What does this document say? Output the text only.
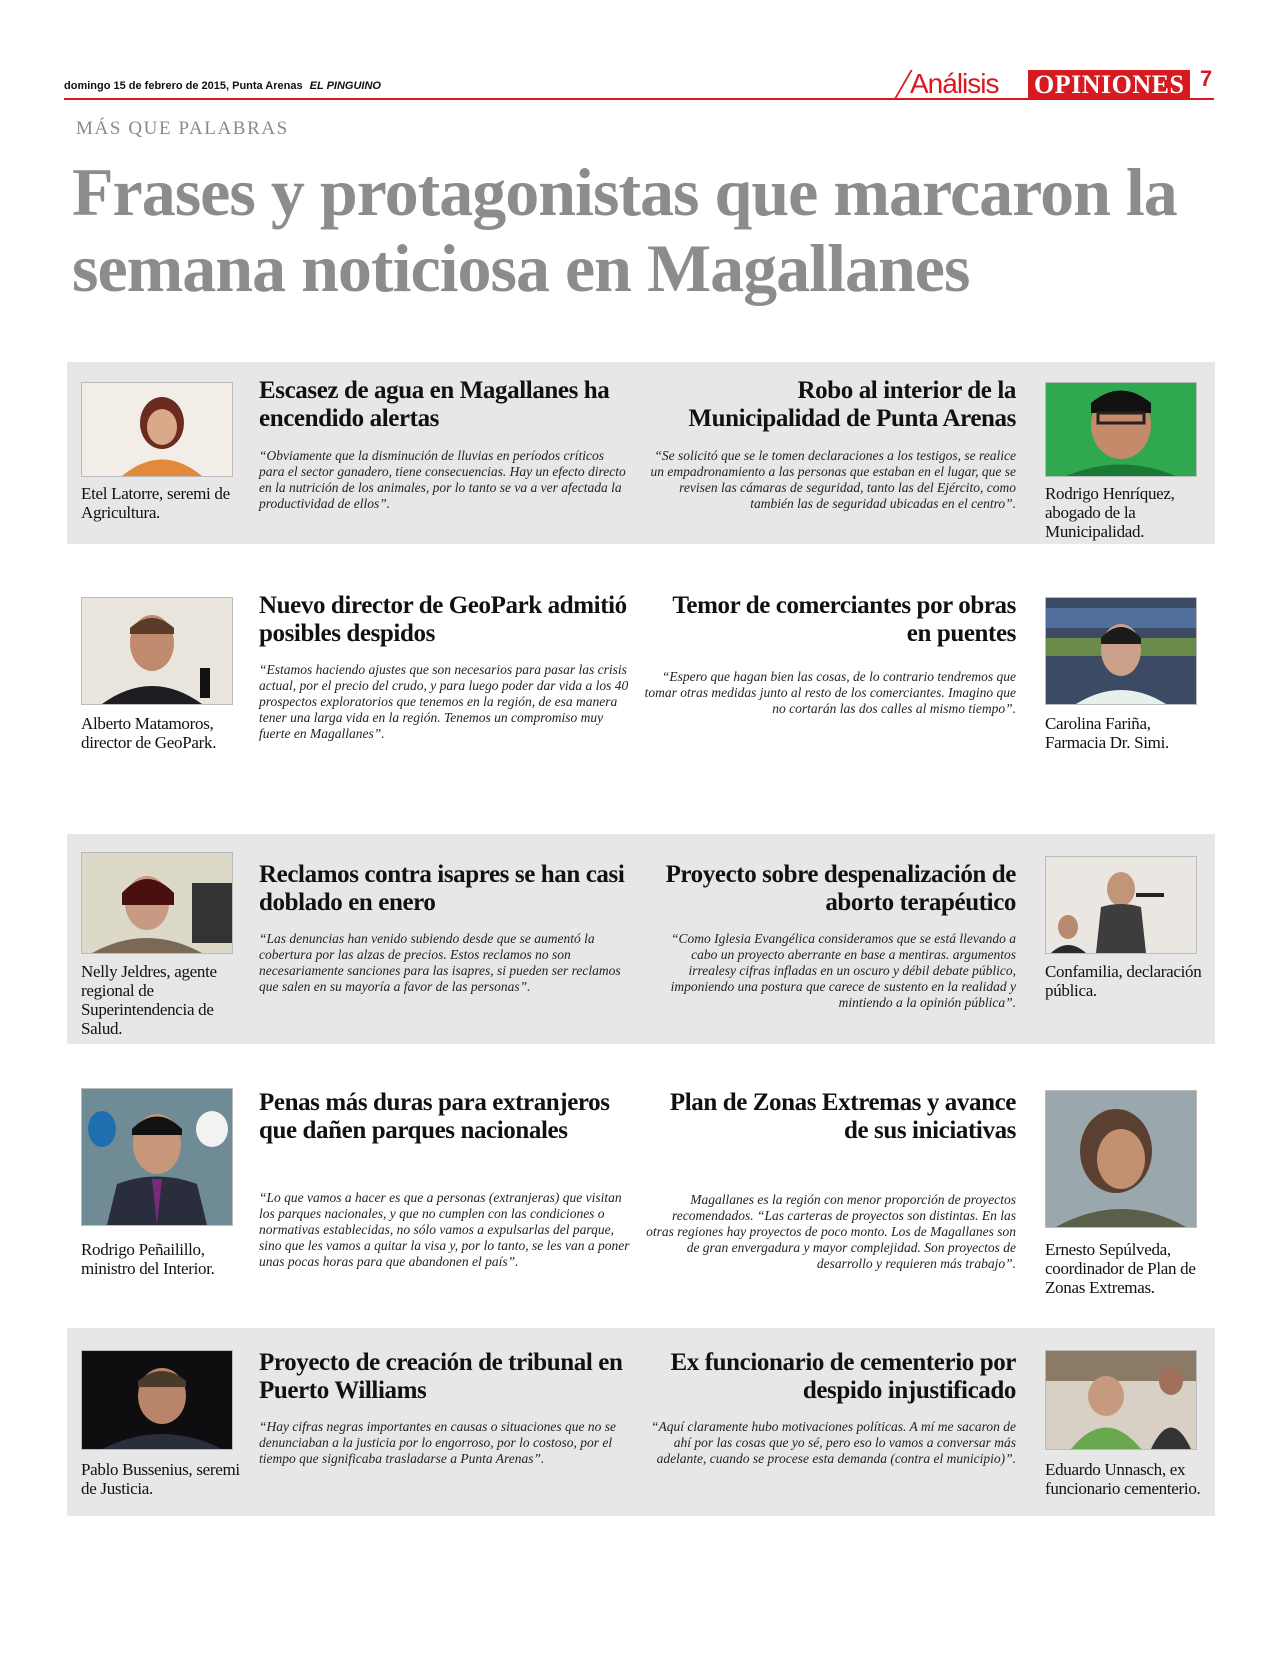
domingo 15 de febrero de 2015, Punta Arenas EL PINGUINO	Análisis OPINIONES 7
MÁS QUE PALABRAS
Frases y protagonistas que marcaron la semana noticiosa en Magallanes
Etel Latorre, seremi de Agricultura.
Escasez de agua en Magallanes ha encendido alertas

“Obviamente que la disminución de lluvias en períodos críticos para el sector ganadero, tiene consecuencias. Hay un efecto directo en la nutrición de los animales, por lo tanto se va a ver afectada la productividad de ellos”.

Robo al interior de la Municipalidad de Punta Arenas

“Se solicitó que se le tomen declaraciones a los testigos, se realice un empadronamiento a las personas que estaban en el lugar, que se revisen las cámaras de seguridad, tanto las del Ejército, como también las de seguridad ubicadas en el centro”.

Rodrigo Henríquez, abogado de la Municipalidad.
Alberto Matamoros, director de GeoPark.
Nuevo director de GeoPark admitió posibles despidos

“Estamos haciendo ajustes que son necesarios para pasar las crisis actual, por el precio del crudo, y para luego poder dar vida a los 40 prospectos exploratorios que tenemos en la región, de esa manera tener una larga vida en la región. Tenemos un compromiso muy fuerte en Magallanes”.

Temor de comerciantes por obras en puentes

“Espero que hagan bien las cosas, de lo contrario tendremos que tomar otras medidas junto al resto de los comerciantes. Imagino que no cortarán las dos calles al mismo tiempo”.

Carolina Fariña, Farmacia Dr. Simi.
Nelly Jeldres, agente regional de Superintendencia de Salud.
Reclamos contra isapres se han casi doblado en enero

“Las denuncias han venido subiendo desde que se aumentó la cobertura por las alzas de precios. Estos reclamos no son necesariamente sanciones para las isapres, si pueden ser reclamos que salen en su mayoría a favor de las personas”.

Proyecto sobre despenalización de aborto terapéutico

“Como Iglesia Evangélica consideramos que se está llevando a cabo un proyecto aberrante en base a mentiras. argumentos irrealesy cifras infladas en un oscuro y débil debate público, imponiendo una postura que carece de sustento en la realidad y mintiendo a la opinión pública”.

Confamilia, declaración pública.
Rodrigo Peñailillo, ministro del Interior.
Penas más duras para extranjeros que dañen parques nacionales

“Lo que vamos a hacer es que a personas (extranjeras) que visitan los parques nacionales, y que no cumplen con las condiciones o normativas establecidas, no sólo vamos a expulsarlas del parque, sino que les vamos a quitar la visa y, por lo tanto, se les van a poner unas pocas horas para que abandonen el país”.

Plan de Zonas Extremas y avance de sus iniciativas

Magallanes es la región con menor proporción de proyectos recomendados. “Las carteras de proyectos son distintas. En las otras regiones hay proyectos de poco monto. Los de Magallanes son de gran envergadura y mayor complejidad. Son proyectos de desarrollo y requieren más trabajo”.

Ernesto Sepúlveda, coordinador de Plan de Zonas Extremas.
Pablo Bussenius, seremi de Justicia.
Proyecto de creación de tribunal en Puerto Williams

“Hay cifras negras importantes en causas o situaciones que no se denunciaban a la justicia por lo engorroso, por lo costoso, por el tiempo que significaba trasladarse a Punta Arenas”.

Ex funcionario de cementerio por despido injustificado

“Aquí claramente hubo motivaciones políticas. A mí me sacaron de ahí por las cosas que yo sé, pero eso lo vamos a conversar más adelante, cuando se procese esta demanda (contra el municipio)”.

Eduardo Unnasch, ex funcionario cementerio.
